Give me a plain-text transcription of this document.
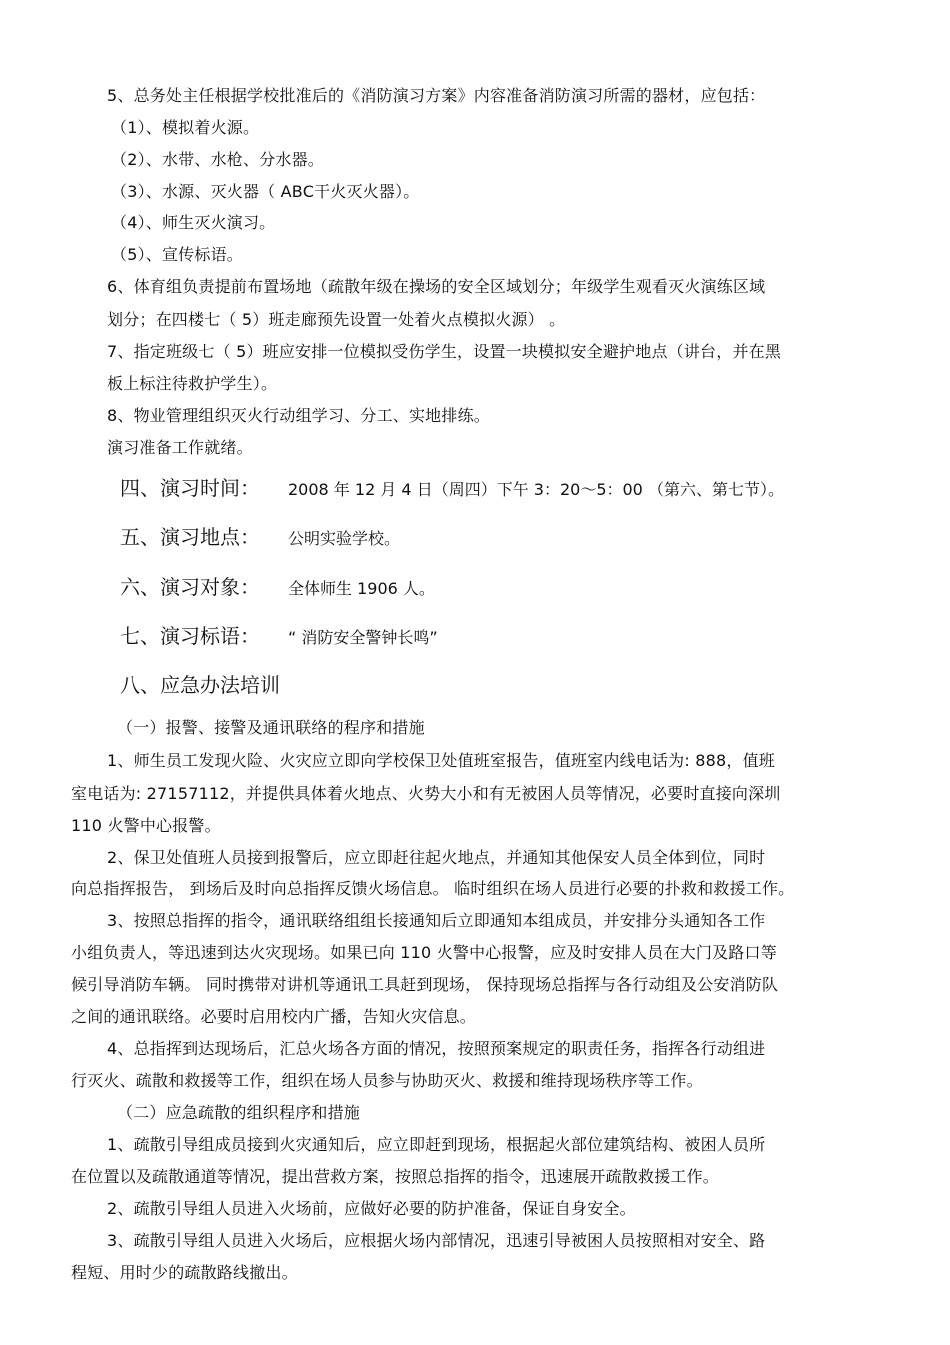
5、总务处主任根据学校批准后的《消防演习方案》内容准备消防演习所需的器材，应包括：
（1）、模拟着火源。
（2）、水带、水枪、分水器。
（3）、水源、灭火器（ ABC干火灭火器）。
（4）、师生灭火演习。
（5）、宣传标语。
6、体育组负责提前布置场地（疏散年级在操场的安全区域划分；年级学生观看灭火演练区域
划分；在四楼七（ 5）班走廊预先设置一处着火点模拟火源） 。
7、指定班级七（ 5）班应安排一位模拟受伤学生，设置一块模拟安全避护地点（讲台，并在黑
板上标注待救护学生）。
8、物业管理组织灭火行动组学习、分工、实地排练。
演习准备工作就绪。
四、演习时间： 2008 年 12 月 4 日（周四）下午 3：20～5：00 （第六、第七节）。
五、演习地点： 公明实验学校。
六、演习对象： 全体师生 1906 人。
七、演习标语： “ 消防安全警钟长鸣”
八、应急办法培训
（一）报警、接警及通讯联络的程序和措施
1、师生员工发现火险、火灾应立即向学校保卫处值班室报告，值班室内线电话为: 888，值班
室电话为: 27157112，并提供具体着火地点、火势大小和有无被困人员等情况，必要时直接向深圳
110 火警中心报警。
2、保卫处值班人员接到报警后，应立即赶往起火地点，并通知其他保安人员全体到位，同时
向总指挥报告， 到场后及时向总指挥反馈火场信息。 临时组织在场人员进行必要的扑救和救援工作。
3、按照总指挥的指令，通讯联络组组长接通知后立即通知本组成员，并安排分头通知各工作
小组负责人，等迅速到达火灾现场。如果已向 110 火警中心报警，应及时安排人员在大门及路口等
候引导消防车辆。 同时携带对讲机等通讯工具赶到现场， 保持现场总指挥与各行动组及公安消防队
之间的通讯联络。必要时启用校内广播，告知火灾信息。
4、总指挥到达现场后，汇总火场各方面的情况，按照预案规定的职责任务，指挥各行动组进
行灭火、疏散和救援等工作，组织在场人员参与协助灭火、救援和维持现场秩序等工作。
（二）应急疏散的组织程序和措施
1、疏散引导组成员接到火灾通知后，应立即赶到现场，根据起火部位建筑结构、被困人员所
在位置以及疏散通道等情况，提出营救方案，按照总指挥的指令，迅速展开疏散救援工作。
2、疏散引导组人员进入火场前，应做好必要的防护准备，保证自身安全。
3、疏散引导组人员进入火场后，应根据火场内部情况，迅速引导被困人员按照相对安全、路
程短、用时少的疏散路线撤出。
